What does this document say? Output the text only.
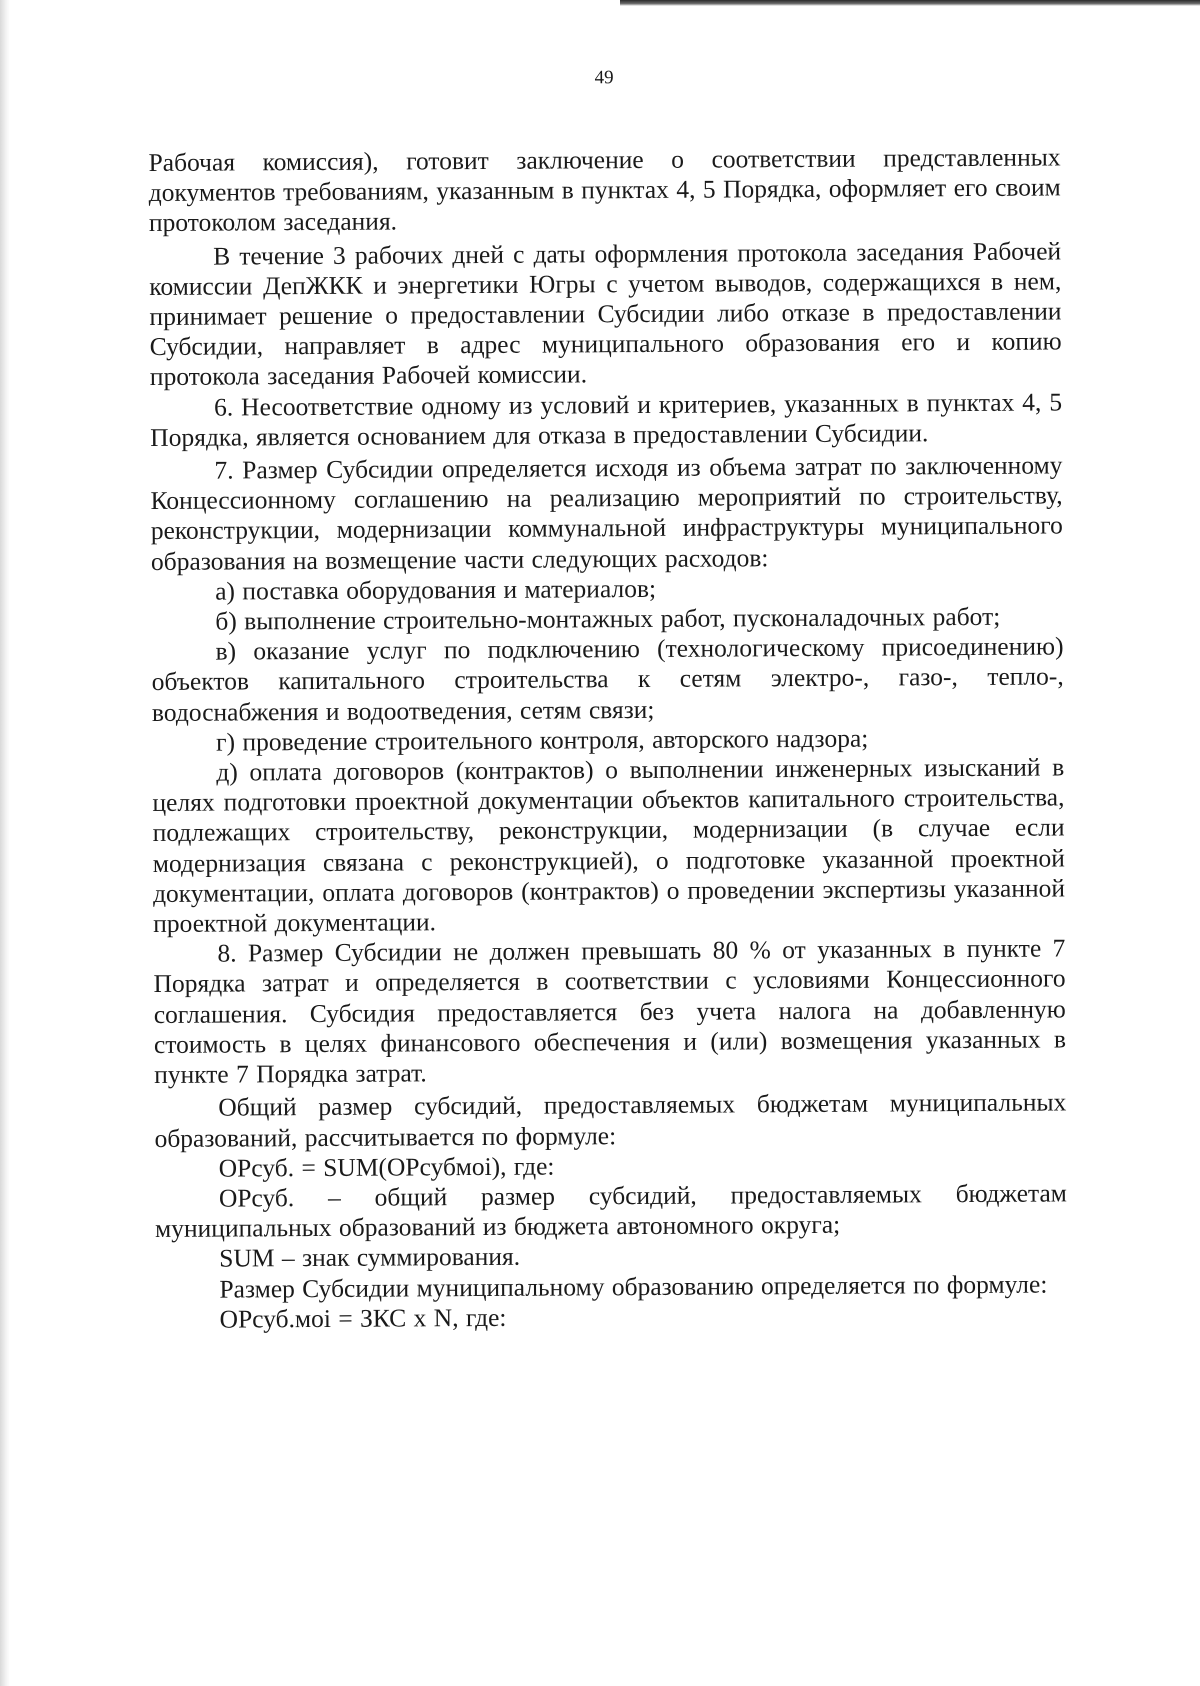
49

Рабочая комиссия), готовит заключение о соответствии представленных документов требованиям, указанным в пунктах 4, 5 Порядка, оформляет его своим протоколом заседания.

В течение 3 рабочих дней с даты оформления протокола заседания Рабочей комиссии ДепЖКК и энергетики Югры с учетом выводов, содержащихся в нем, принимает решение о предоставлении Субсидии либо отказе в предоставлении Субсидии, направляет в адрес муниципального образования его и копию протокола заседания Рабочей комиссии.

6. Несоответствие одному из условий и критериев, указанных в пунктах 4, 5 Порядка, является основанием для отказа в предоставлении Субсидии.

7. Размер Субсидии определяется исходя из объема затрат по заключенному Концессионному соглашению на реализацию мероприятий по строительству, реконструкции, модернизации коммунальной инфраструктуры муниципального образования на возмещение части следующих расходов:

а) поставка оборудования и материалов;

б) выполнение строительно-монтажных работ, пусконаладочных работ;

в) оказание услуг по подключению (технологическому присоединению) объектов капитального строительства к сетям электро-, газо-, тепло-, водоснабжения и водоотведения, сетям связи;

г) проведение строительного контроля, авторского надзора;

д) оплата договоров (контрактов) о выполнении инженерных изысканий в целях подготовки проектной документации объектов капитального строительства, подлежащих строительству, реконструкции, модернизации (в случае если модернизация связана с реконструкцией), о подготовке указанной проектной документации, оплата договоров (контрактов) о проведении экспертизы указанной проектной документации.

8. Размер Субсидии не должен превышать 80 % от указанных в пункте 7 Порядка затрат и определяется в соответствии с условиями Концессионного соглашения. Субсидия предоставляется без учета налога на добавленную стоимость в целях финансового обеспечения и (или) возмещения указанных в пункте 7 Порядка затрат.

Общий размер субсидий, предоставляемых бюджетам муниципальных образований, рассчитывается по формуле:

ОРсуб. = SUM(ОРсубмоi), где:

ОРсуб. – общий размер субсидий, предоставляемых бюджетам муниципальных образований из бюджета автономного округа;

SUM – знак суммирования.

Размер Субсидии муниципальному образованию определяется по формуле:

ОРсуб.моi = ЗКС х N, где:
